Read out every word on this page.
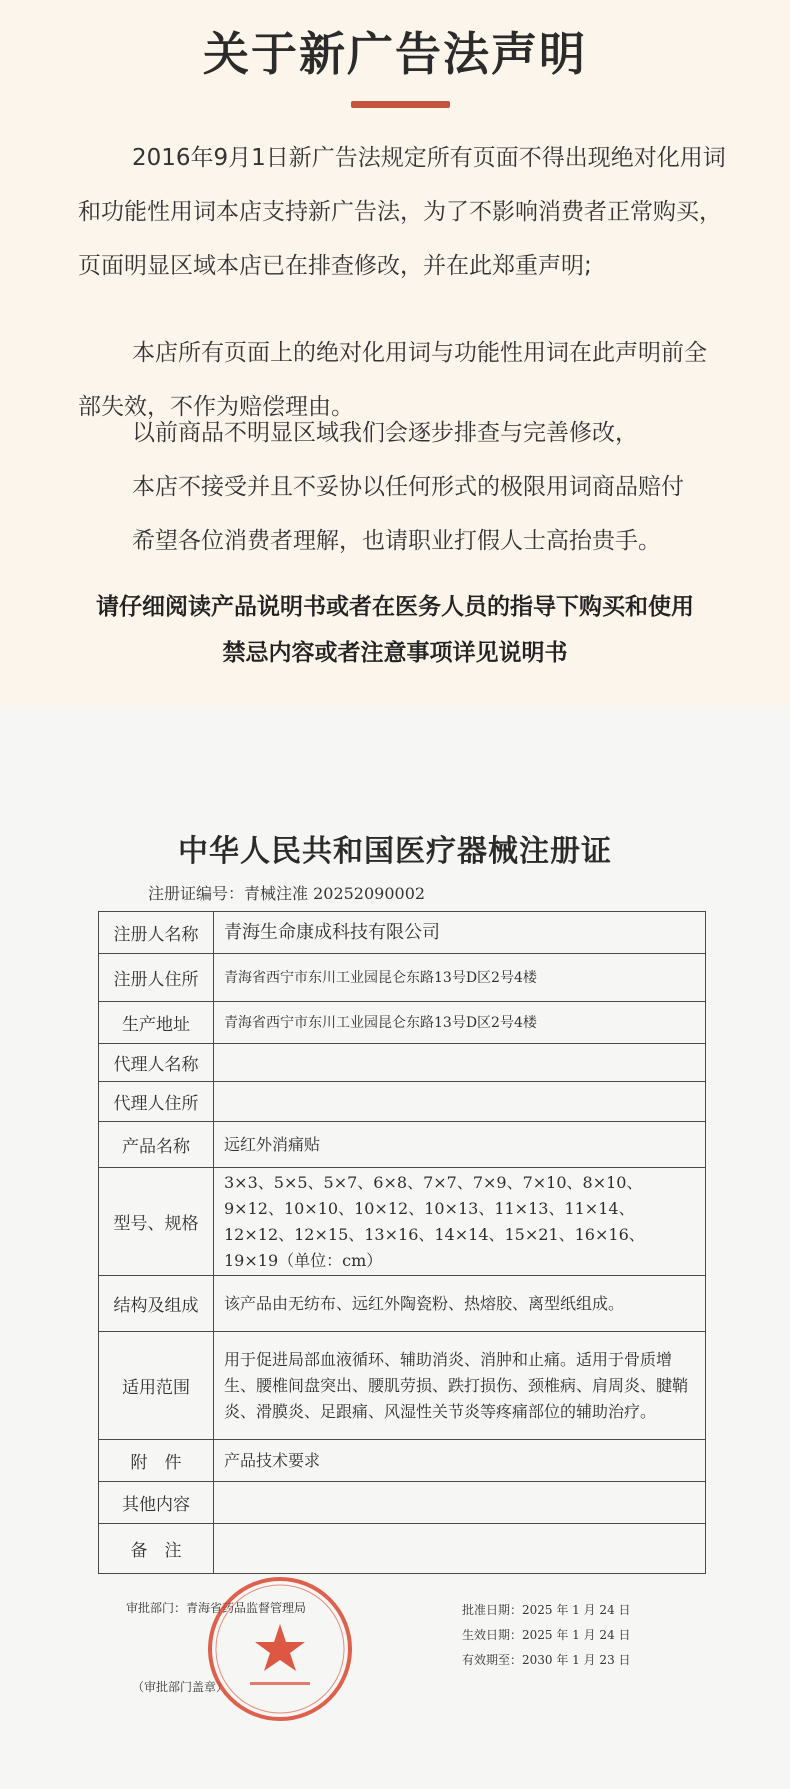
关于新广告法声明
2016年9月1日新广告法规定所有页面不得出现绝对化用词和功能性用词本店支持新广告法，为了不影响消费者正常购买，页面明显区域本店已在排查修改，并在此郑重声明;
本店所有页面上的绝对化用词与功能性用词在此声明前全部失效，不作为赔偿理由。
以前商品不明显区域我们会逐步排查与完善修改，
本店不接受并且不妥协以任何形式的极限用词商品赔付
希望各位消费者理解，也请职业打假人士高抬贵手。
请仔细阅读产品说明书或者在医务人员的指导下购买和使用
禁忌内容或者注意事项详见说明书
中华人民共和国医疗器械注册证
注册证编号：青械注准 20252090002
注册人名称	青海生命康成科技有限公司
注册人住所	青海省西宁市东川工业园昆仑东路13号D区2号4楼
生产地址	青海省西宁市东川工业园昆仑东路13号D区2号4楼
代理人名称	
代理人住所	
产品名称	远红外消痛贴
型号、规格	3×3、5×5、5×7、6×8、7×7、7×9、7×10、8×10、9×12、10×10、10×12、10×13、11×13、11×14、12×12、12×15、13×16、14×14、15×21、16×16、19×19（单位：cm）
结构及组成	该产品由无纺布、远红外陶瓷粉、热熔胶、离型纸组成。
适用范围	用于促进局部血液循环、辅助消炎、消肿和止痛。适用于骨质增生、腰椎间盘突出、腰肌劳损、跌打损伤、颈椎病、肩周炎、腱鞘炎、滑膜炎、足跟痛、风湿性关节炎等疼痛部位的辅助治疗。
附　件	产品技术要求
其他内容	
备　注	
审批部门：青海省药品监督管理局
（审批部门盖章）
批准日期：2025 年 1 月 24 日
生效日期：2025 年 1 月 24 日
有效期至：2030 年 1 月 23 日
